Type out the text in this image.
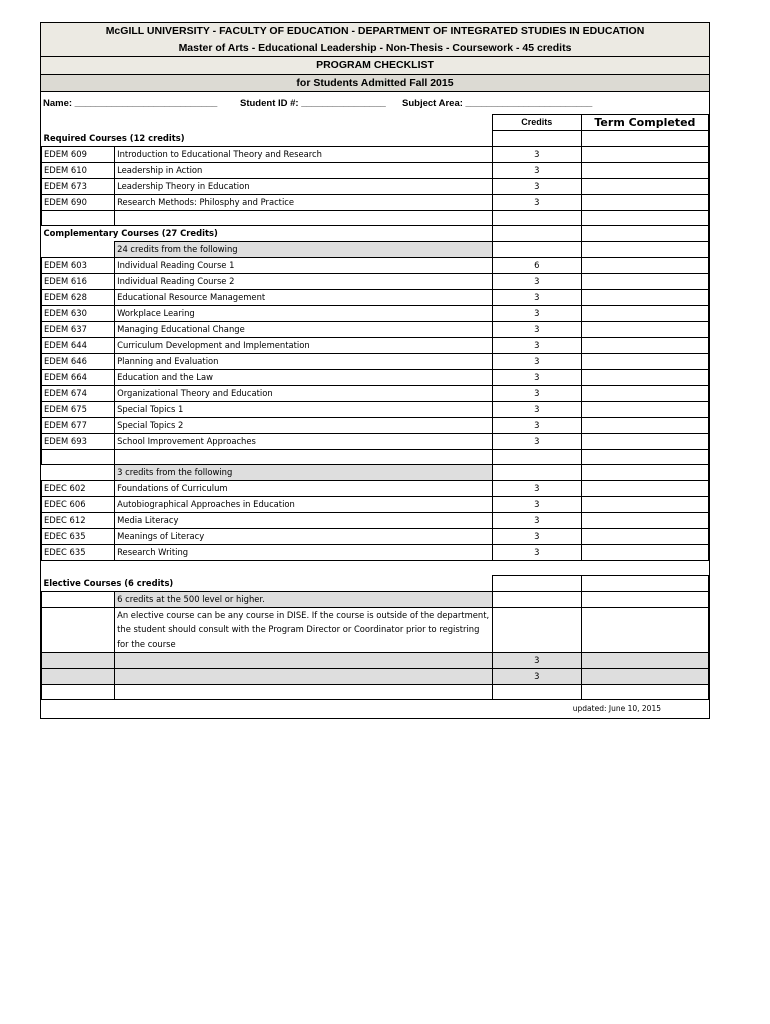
McGILL UNIVERSITY - FACULTY OF EDUCATION - DEPARTMENT OF INTEGRATED STUDIES IN EDUCATION
Master of Arts - Educational Leadership - Non-Thesis - Coursework - 45 credits
PROGRAM CHECKLIST
for Students Admitted Fall 2015
Name: ___________________________ Student ID #: ________________ Subject Area: ________________________
		Credits	Term Completed
Required Courses (12 credits)			
EDEM 609	Introduction to Educational Theory and Research	3	
EDEM 610	Leadership in Action	3	
EDEM 673	Leadership Theory in Education	3	
EDEM 690	Research Methods: Philosphy and Practice	3	

Complementary Courses (27 Credits)			
	24 credits from the following		
EDEM 603	Individual Reading Course 1	6	
EDEM 616	Individual Reading Course 2	3	
EDEM 628	Educational Resource Management	3	
EDEM 630	Workplace Learing	3	
EDEM 637	Managing Educational Change	3	
EDEM 644	Curriculum Development and Implementation	3	
EDEM 646	Planning and Evaluation	3	
EDEM 664	Education and the Law	3	
EDEM 674	Organizational Theory and Education	3	
EDEM 675	Special Topics 1	3	
EDEM 677	Special Topics 2	3	
EDEM 693	School Improvement Approaches	3	

	3 credits from the following		
EDEC 602	Foundations of Curriculum	3	
EDEC 606	Autobiographical Approaches in Education	3	
EDEC 612	Media Literacy	3	
EDEC 635	Meanings of Literacy	3	
EDEC 635	Research Writing	3	

Elective Courses (6 credits)			
	6 credits at the 500 level or higher.		
	An elective course can be any course in DISE. If the course is outside of the department, the student should consult with the Program Director or Coordinator prior to registring for the course		
		3	
		3	

updated: June 10, 2015
